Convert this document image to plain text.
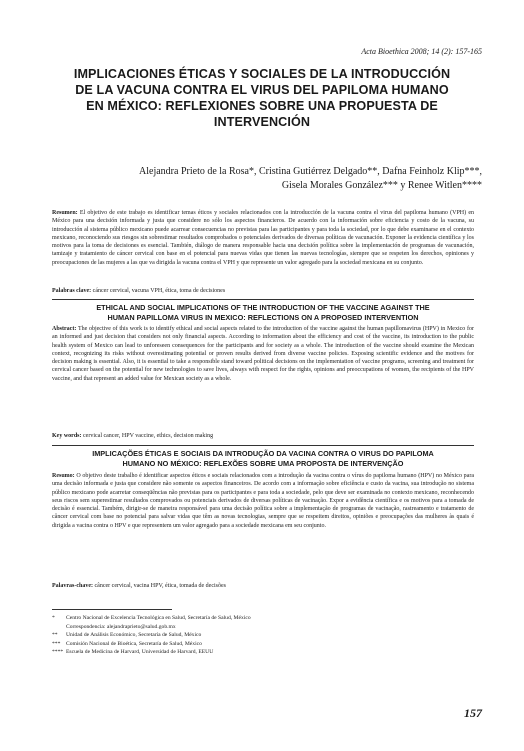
Acta Bioethica 2008; 14 (2): 157-165
IMPLICACIONES ÉTICAS Y SOCIALES DE LA INTRODUCCIÓN
DE LA VACUNA CONTRA EL VIRUS DEL PAPILOMA HUMANO
EN MÉXICO: REFLEXIONES SOBRE UNA PROPUESTA DE
INTERVENCIÓN
Alejandra Prieto de la Rosa*, Cristina Gutiérrez Delgado**, Dafna Feinholz Klip***,
Gisela Morales González*** y Renee Witlen****
Resumen: El objetivo de este trabajo es identificar temas éticos y sociales relacionados con la introducción de la vacuna contra el virus del papiloma humano (VPH) en México para una decisión informada y justa que considere no sólo los aspectos financieros. De acuerdo con la información sobre eficiencia y costo de la vacuna, su introducción al sistema público mexicano puede acarrear consecuencias no previstas para las participantes y para toda la sociedad, por lo que debe examinarse en el contexto mexicano, reconociendo sus riesgos sin sobrestimar resultados comprobados o potenciales derivados de diversas políticas de vacunación. Exponer la evidencia científica y los motivos para la toma de decisiones es esencial. También, diálogo de manera responsable hacia una decisión política sobre la implementación de programas de vacunación, tamizaje y tratamiento de cáncer cervical con base en el potencial para nuevas vidas que tienen las nuevas tecnologías, siempre que se respeten los derechos, opiniones y preocupaciones de las mujeres a las que va dirigida la vacuna contra el VPH y que represente un valor agregado para la sociedad mexicana en su conjunto.
Palabras clave: cáncer cervical, vacuna VPH, ética, toma de decisiones
ETHICAL AND SOCIAL IMPLICATIONS OF THE INTRODUCTION OF THE VACCINE AGAINST THE
HUMAN PAPILLOMA VIRUS IN MEXICO: REFLECTIONS ON A PROPOSED INTERVENTION
Abstract: The objective of this work is to identify ethical and social aspects related to the introduction of the vaccine against the human papillomavirus (HPV) in Mexico for an informed and just decision that considers not only financial aspects. According to information about the efficiency and cost of the vaccine, its introduction to the public health system of Mexico can lead to unforeseen consequences for the participants and for society as a whole. The introduction of the vaccine should examine the Mexican context, recognizing its risks without overestimating potential or proven results derived from diverse vaccine policies. Exposing scientific evidence and the motives for decision making is essential. Also, it is essential to take a responsible stand toward political decisions on the implementation of vaccine programs, screening and treatment for cervical cancer based on the potential for new technologies to save lives, always with respect for the rights, opinions and preoccupations of women, the recipients of the HPV vaccine, and that represent an added value for Mexican society as a whole.
Key words: cervical cancer, HPV vaccine, ethics, decision making
IMPLICAÇÕES ÉTICAS E SOCIAIS DA INTRODUÇÃO DA VACINA CONTRA O VIRUS DO PAPILOMA
HUMANO NO MÉXICO: REFLEXÕES SOBRE UMA PROPOSTA DE INTERVENÇÃO
Resumo: O objetivo deste trabalho é identificar aspectos éticos e sociais relacionados com a introdução da vacina contra o vírus do papiloma humano (HPV) no México para uma decisão informada e justa que considere não somente os aspectos financeiros. De acordo com a informação sobre eficiência e custo da vacina, sua introdução no sistema público mexicano pode acarretar conseqüências não previstas para os participantes e para toda a sociedade, pelo que deve ser examinada no contexto mexicano, reconhecendo seus riscos sem superestimar resultados comprovados ou potenciais derivados de diversas políticas de vacinação. Expor a evidência científica e os motivos para a tomada de decisão é essencial. Também, dirigir-se de maneira responsável para uma decisão política sobre a implementação de programas de vacinação, rastreamento e tratamento de câncer cervical com base no potencial para salvar vidas que têm as novas tecnologias, sempre que se respeitem direitos, opiniões e preocupações das mulheres às quais é dirigida a vacina contra o HPV e que representem um valor agregado para a sociedade mexicana em seu conjunto.
Palavras-chave: câncer cervical, vacina HPV, ética, tomada de decisões
* Centro Nacional de Excelencia Tecnológica en Salud, Secretaría de Salud, México
Correspondencia: alejandraprieto@salud.gob.mx
** Unidad de Análisis Económico, Secretaría de Salud, México
*** Comisión Nacional de Bioética, Secretaría de Salud, México
**** Escuela de Medicina de Harvard, Universidad de Harvard, EEUU
157
